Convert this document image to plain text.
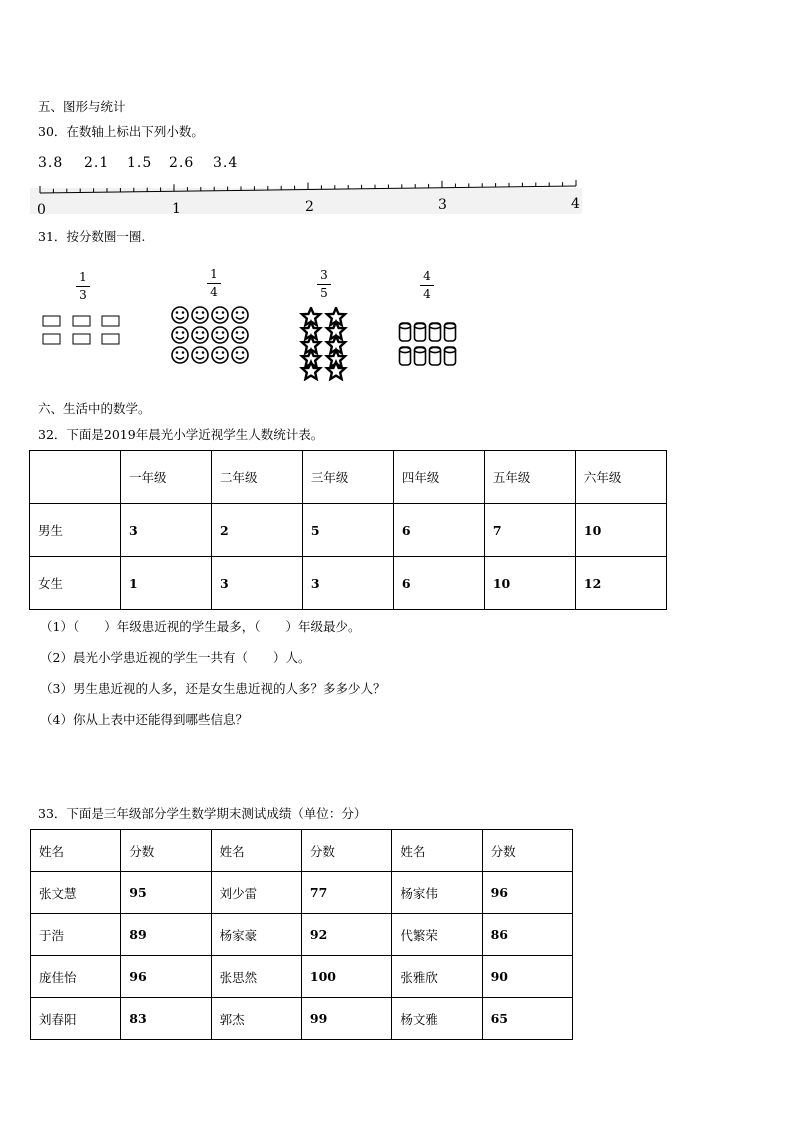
五、图形与统计
30．在数轴上标出下列小数。
3.8 2.1 1.5 2.6 3.4
0	1	2	3	4
31．按分数圈一圈.
1
3
1
4
3
5
4
4
六、生活中的数学。
32．下面是2019年晨光小学近视学生人数统计表。
	一年级	二年级	三年级	四年级	五年级	六年级
男生	3	2	5	6	7	10
女生	1	3	3	6	10	12
（1）（　　）年级患近视的学生最多，（　　）年级最少。
（2）晨光小学患近视的学生一共有（　　）人。
（3）男生患近视的人多，还是女生患近视的人多？多多少人？
（4）你从上表中还能得到哪些信息？
33．下面是三年级部分学生数学期末测试成绩（单位：分）
姓名	分数	姓名	分数	姓名	分数
张文慧	95	刘少雷	77	杨家伟	96
于浩	89	杨家豪	92	代繁荣	86
庞佳怡	96	张思然	100	张雅欣	90
刘春阳	83	郭杰	99	杨文雅	65
